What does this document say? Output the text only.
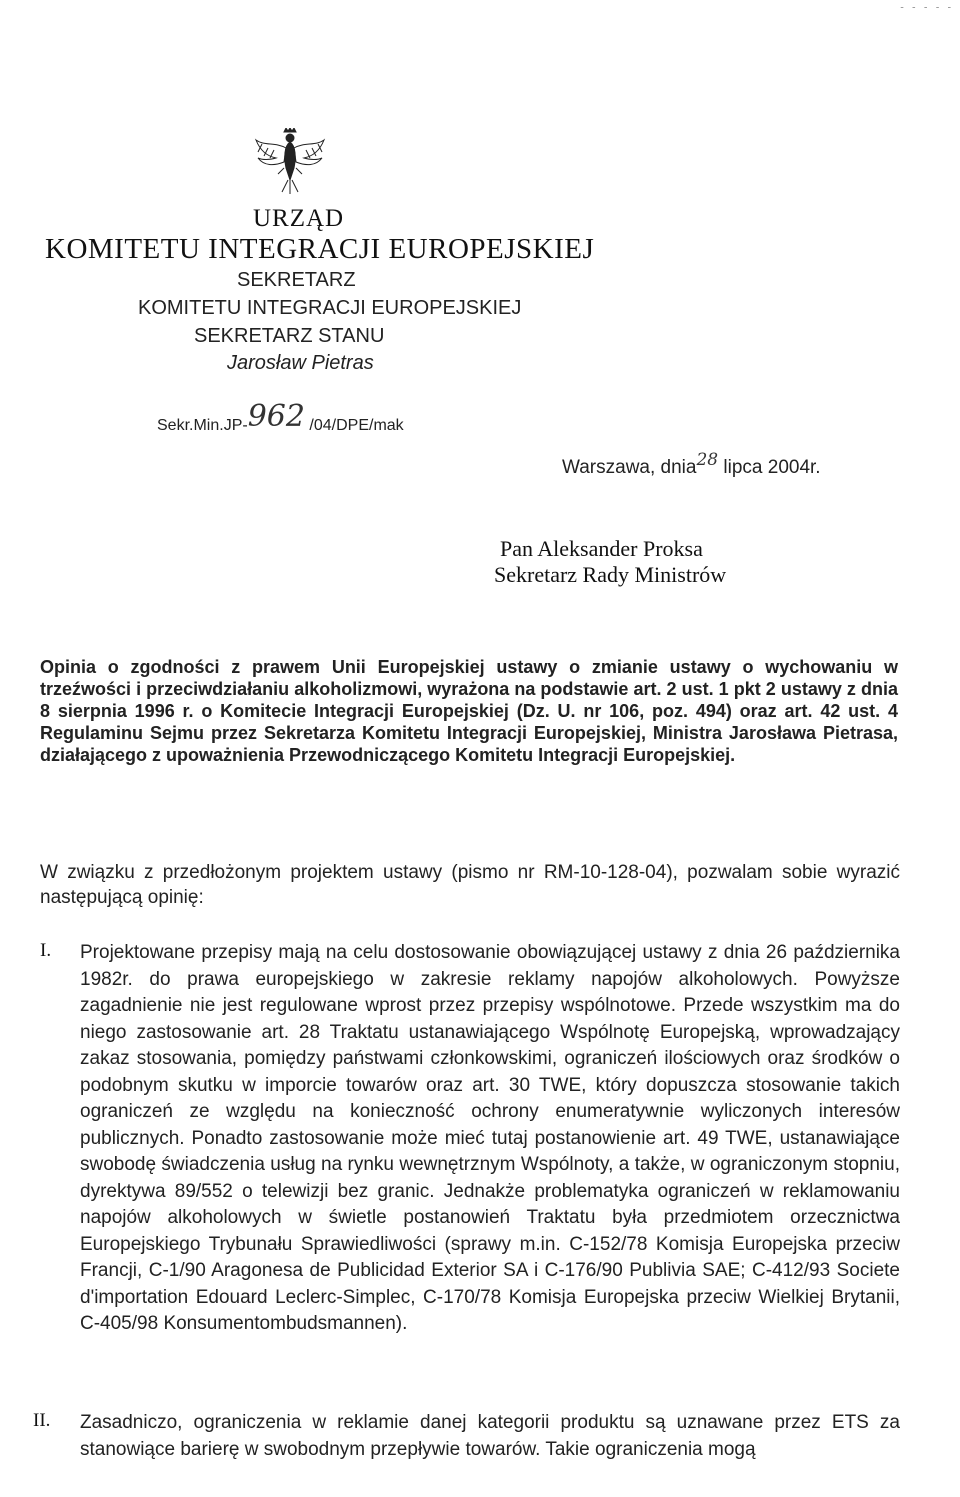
- - - - -
URZĄD
KOMITETU INTEGRACJI EUROPEJSKIEJ
SEKRETARZ
KOMITETU INTEGRACJI EUROPEJSKIEJ
SEKRETARZ STANU
Jarosław Pietras
Sekr.Min.JP-962 /04/DPE/mak
Warszawa, dnia28 lipca 2004r.
Pan Aleksander Proksa
Sekretarz Rady Ministrów
Opinia o zgodności z prawem Unii Europejskiej ustawy o zmianie ustawy o wychowaniu w trzeźwości i przeciwdziałaniu alkoholizmowi, wyrażona na podstawie art. 2 ust. 1 pkt 2 ustawy z dnia 8 sierpnia 1996 r. o Komitecie Integracji Europejskiej (Dz. U. nr 106, poz. 494) oraz art. 42 ust. 4 Regulaminu Sejmu przez Sekretarza Komitetu Integracji Europejskiej, Ministra Jarosława Pietrasa, działającego z upoważnienia Przewodniczącego Komitetu Integracji Europejskiej.
W związku z przedłożonym projektem ustawy (pismo nr RM-10-128-04), pozwalam sobie wyrazić następującą opinię:
I. Projektowane przepisy mają na celu dostosowanie obowiązującej ustawy z dnia 26 października 1982r. do prawa europejskiego w zakresie reklamy napojów alkoholowych. Powyższe zagadnienie nie jest regulowane wprost przez przepisy wspólnotowe. Przede wszystkim ma do niego zastosowanie art. 28 Traktatu ustanawiającego Wspólnotę Europejską, wprowadzający zakaz stosowania, pomiędzy państwami członkowskimi, ograniczeń ilościowych oraz środków o podobnym skutku w imporcie towarów oraz art. 30 TWE, który dopuszcza stosowanie takich ograniczeń ze względu na konieczność ochrony enumeratywnie wyliczonych interesów publicznych. Ponadto zastosowanie może mieć tutaj postanowienie art. 49 TWE, ustanawiające swobodę świadczenia usług na rynku wewnętrznym Wspólnoty, a także, w ograniczonym stopniu, dyrektywa 89/552 o telewizji bez granic. Jednakże problematyka ograniczeń w reklamowaniu napojów alkoholowych w świetle postanowień Traktatu była przedmiotem orzecznictwa Europejskiego Trybunału Sprawiedliwości (sprawy m.in. C-152/78 Komisja Europejska przeciw Francji, C-1/90 Aragonesa de Publicidad Exterior SA i C-176/90 Publivia SAE; C-412/93 Societe d'importation Edouard Leclerc-Simplec, C-170/78 Komisja Europejska przeciw Wielkiej Brytanii, C-405/98 Konsumentombudsmannen).
II. Zasadniczo, ograniczenia w reklamie danej kategorii produktu są uznawane przez ETS za stanowiące barierę w swobodnym przepływie towarów. Takie ograniczenia mogą
